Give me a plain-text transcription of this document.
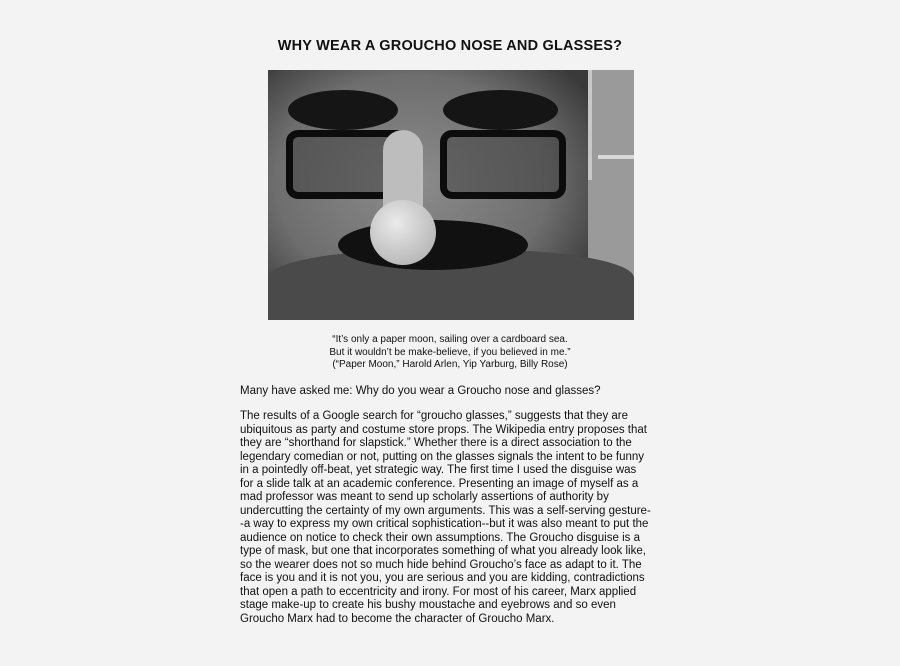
WHY WEAR A GROUCHO NOSE AND GLASSES?
“It’s only a paper moon, sailing over a cardboard sea.
But it wouldn’t be make-believe, if you believed in me.”
(“Paper Moon,” Harold Arlen, Yip Yarburg, Billy Rose)
Many have asked me: Why do you wear a Groucho nose and glasses?
The results of a Google search for “groucho glasses,” suggests that they are
ubiquitous as party and costume store props. The Wikipedia entry proposes that
they are “shorthand for slapstick.” Whether there is a direct association to the
legendary comedian or not, putting on the glasses signals the intent to be funny
in a pointedly off-beat, yet strategic way. The first time I used the disguise was
for a slide talk at an academic conference. Presenting an image of myself as a
mad professor was meant to send up scholarly assertions of authority by
undercutting the certainty of my own arguments. This was a self-serving gesture-
-a way to express my own critical sophistication--but it was also meant to put the
audience on notice to check their own assumptions. The Groucho disguise is a
type of mask, but one that incorporates something of what you already look like,
so the wearer does not so much hide behind Groucho’s face as adapt to it. The
face is you and it is not you, you are serious and you are kidding, contradictions
that open a path to eccentricity and irony. For most of his career, Marx applied
stage make-up to create his bushy moustache and eyebrows and so even
Groucho Marx had to become the character of Groucho Marx.
